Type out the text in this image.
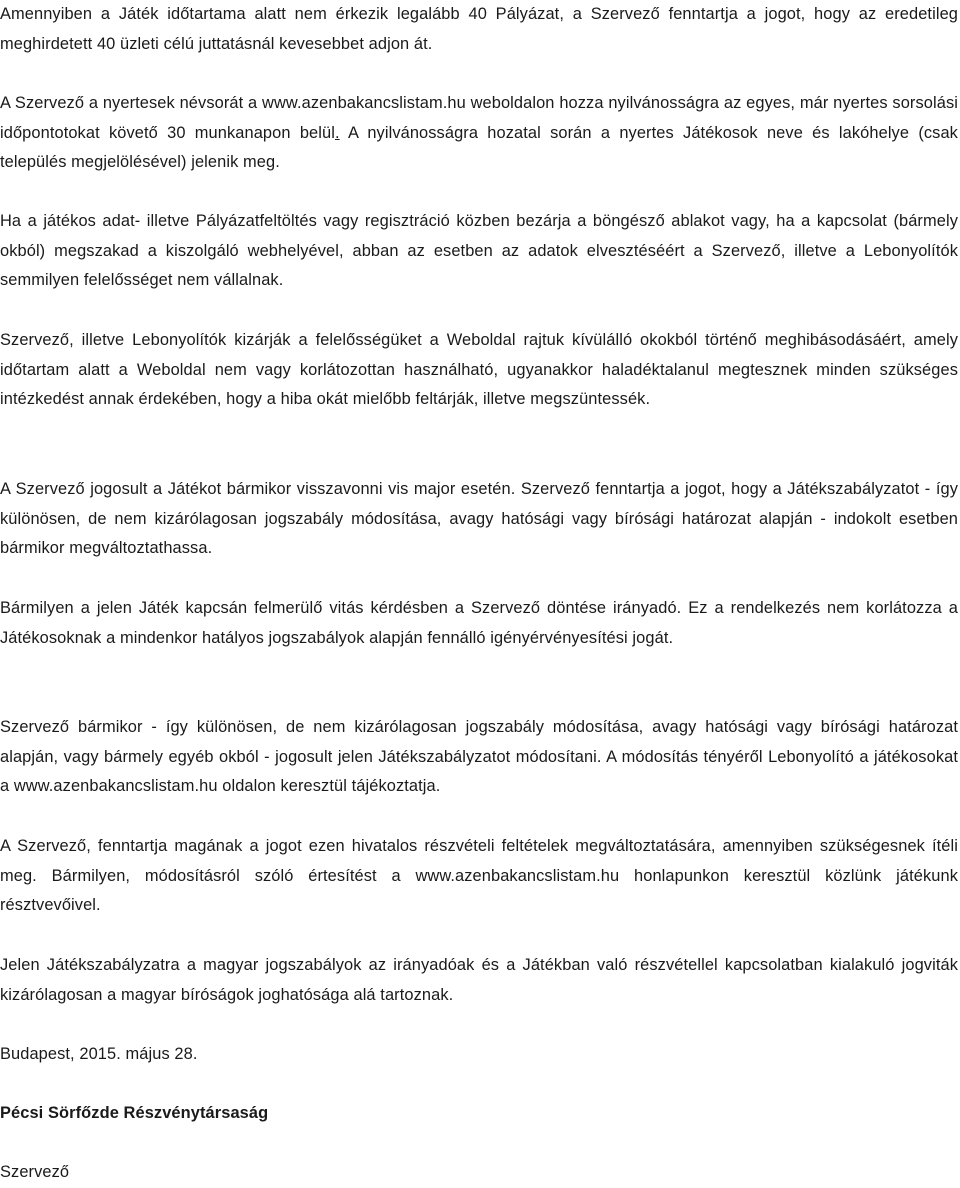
Amennyiben a Játék időtartama alatt nem érkezik legalább 40 Pályázat, a Szervező fenntartja a jogot, hogy az eredetileg meghirdetett 40 üzleti célú juttatásnál kevesebbet adjon át.

A Szervező a nyertesek névsorát a www.azenbakancslistam.hu weboldalon hozza nyilvánosságra az egyes, már nyertes sorsolási időpontotokat követő 30 munkanapon belül. A nyilvánosságra hozatal során a nyertes Játékosok neve és lakóhelye (csak település megjelölésével) jelenik meg.

Ha a játékos adat- illetve Pályázatfeltöltés vagy regisztráció közben bezárja a böngésző ablakot vagy, ha a kapcsolat (bármely okból) megszakad a kiszolgáló webhelyével, abban az esetben az adatok elvesztéséért a Szervező, illetve a Lebonyolítók semmilyen felelősséget nem vállalnak.

Szervező, illetve Lebonyolítók kizárják a felelősségüket a Weboldal rajtuk kívülálló okokból történő meghibásodásáért, amely időtartam alatt a Weboldal nem vagy korlátozottan használható, ugyanakkor haladéktalanul megtesznek minden szükséges intézkedést annak érdekében, hogy a hiba okát mielőbb feltárják, illetve megszüntessék.

A Szervező jogosult a Játékot bármikor visszavonni vis major esetén. Szervező fenntartja a jogot, hogy a Játékszabályzatot - így különösen, de nem kizárólagosan jogszabály módosítása, avagy hatósági vagy bírósági határozat alapján - indokolt esetben bármikor megváltoztathassa.

Bármilyen a jelen Játék kapcsán felmerülő vitás kérdésben a Szervező döntése irányadó. Ez a rendelkezés nem korlátozza a Játékosoknak a mindenkor hatályos jogszabályok alapján fennálló igényérvényesítési jogát.

Szervező bármikor - így különösen, de nem kizárólagosan jogszabály módosítása, avagy hatósági vagy bírósági határozat alapján, vagy bármely egyéb okból - jogosult jelen Játékszabályzatot módosítani. A módosítás tényéről Lebonyolító a játékosokat a www.azenbakancslistam.hu oldalon keresztül tájékoztatja.

A Szervező, fenntartja magának a jogot ezen hivatalos részvételi feltételek megváltoztatására, amennyiben szükségesnek ítéli meg. Bármilyen, módosításról szóló értesítést a www.azenbakancslistam.hu honlapunkon keresztül közlünk játékunk résztvevőivel.

Jelen Játékszabályzatra a magyar jogszabályok az irányadóak és a Játékban való részvétellel kapcsolatban kialakuló jogviták kizárólagosan a magyar bíróságok joghatósága alá tartoznak.

Budapest, 2015. május 28.

Pécsi Sörfőzde Részvénytársaság

Szervező
